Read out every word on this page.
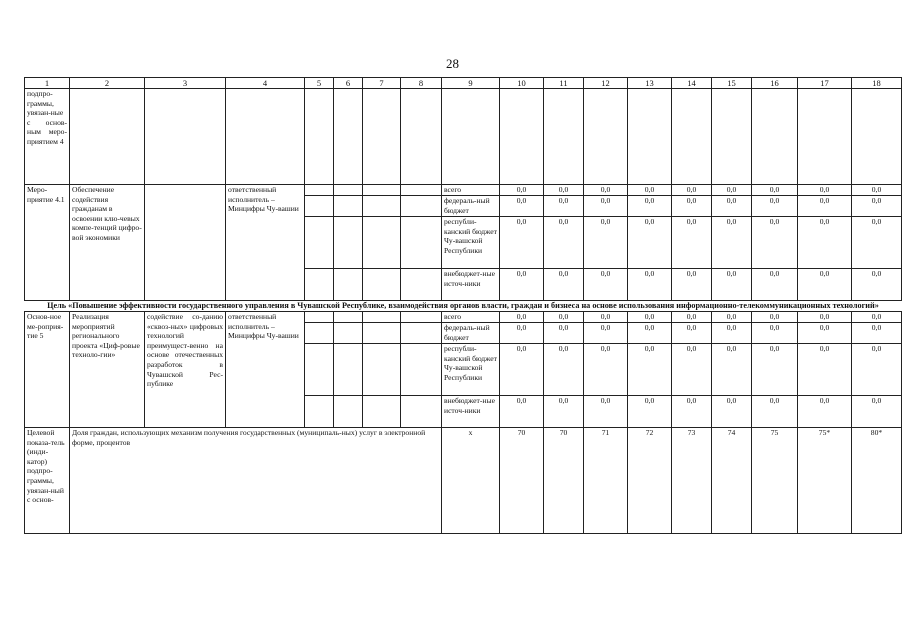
28
1	2	3	4	5	6	7	8	9	10	11	12	13	14	15	16	17	18
подпро-граммы, увязан-ные с основ-ным меро-приятием 4																	
Меро-приятие 4.1	Обеспечение содействия гражданам в освоении клю-чевых компе-тенций цифро-вой экономики		ответственный исполнитель – Минцифры Чу-вашии					всего	0,0	0,0	0,0	0,0	0,0	0,0	0,0	0,0	0,0
								федераль-ный бюджет	0,0	0,0	0,0	0,0	0,0	0,0	0,0	0,0	0,0
								республи-канский бюджет Чу-вашской Республики	0,0	0,0	0,0	0,0	0,0	0,0	0,0	0,0	0,0
								внебюджет-ные источ-ники	0,0	0,0	0,0	0,0	0,0	0,0	0,0	0,0	0,0
Цель «Повышение эффективности государственного управления в Чувашской Республике, взаимодействия органов власти, граждан и бизнеса на основе использования информационно-телекоммуникационных технологий»																	
Основ-ное ме-роприя-тие 5	Реализация мероприятий регионального проекта «Циф-ровые техноло-гии»	содействие со-данию «сквоз-ных» цифровых технологий преимущест-венно на основе отечественных разработок в Чувашской Рес-публике	ответственный исполнитель – Минцифры Чу-вашии					всего	0,0	0,0	0,0	0,0	0,0	0,0	0,0	0,0	0,0
								федераль-ный бюджет	0,0	0,0	0,0	0,0	0,0	0,0	0,0	0,0	0,0
								республи-канский бюджет Чу-вашской Республики	0,0	0,0	0,0	0,0	0,0	0,0	0,0	0,0	0,0
								внебюджет-ные источ-ники	0,0	0,0	0,0	0,0	0,0	0,0	0,0	0,0	0,0
Целевой показа-тель (инди-катор) подпро-граммы, увязан-ный с основ-	Доля граждан, использующих механизм получения государственных (муниципаль-ных) услуг в электронной форме, процентов							x	70	70	71	72	73	74	75	75*	80*
